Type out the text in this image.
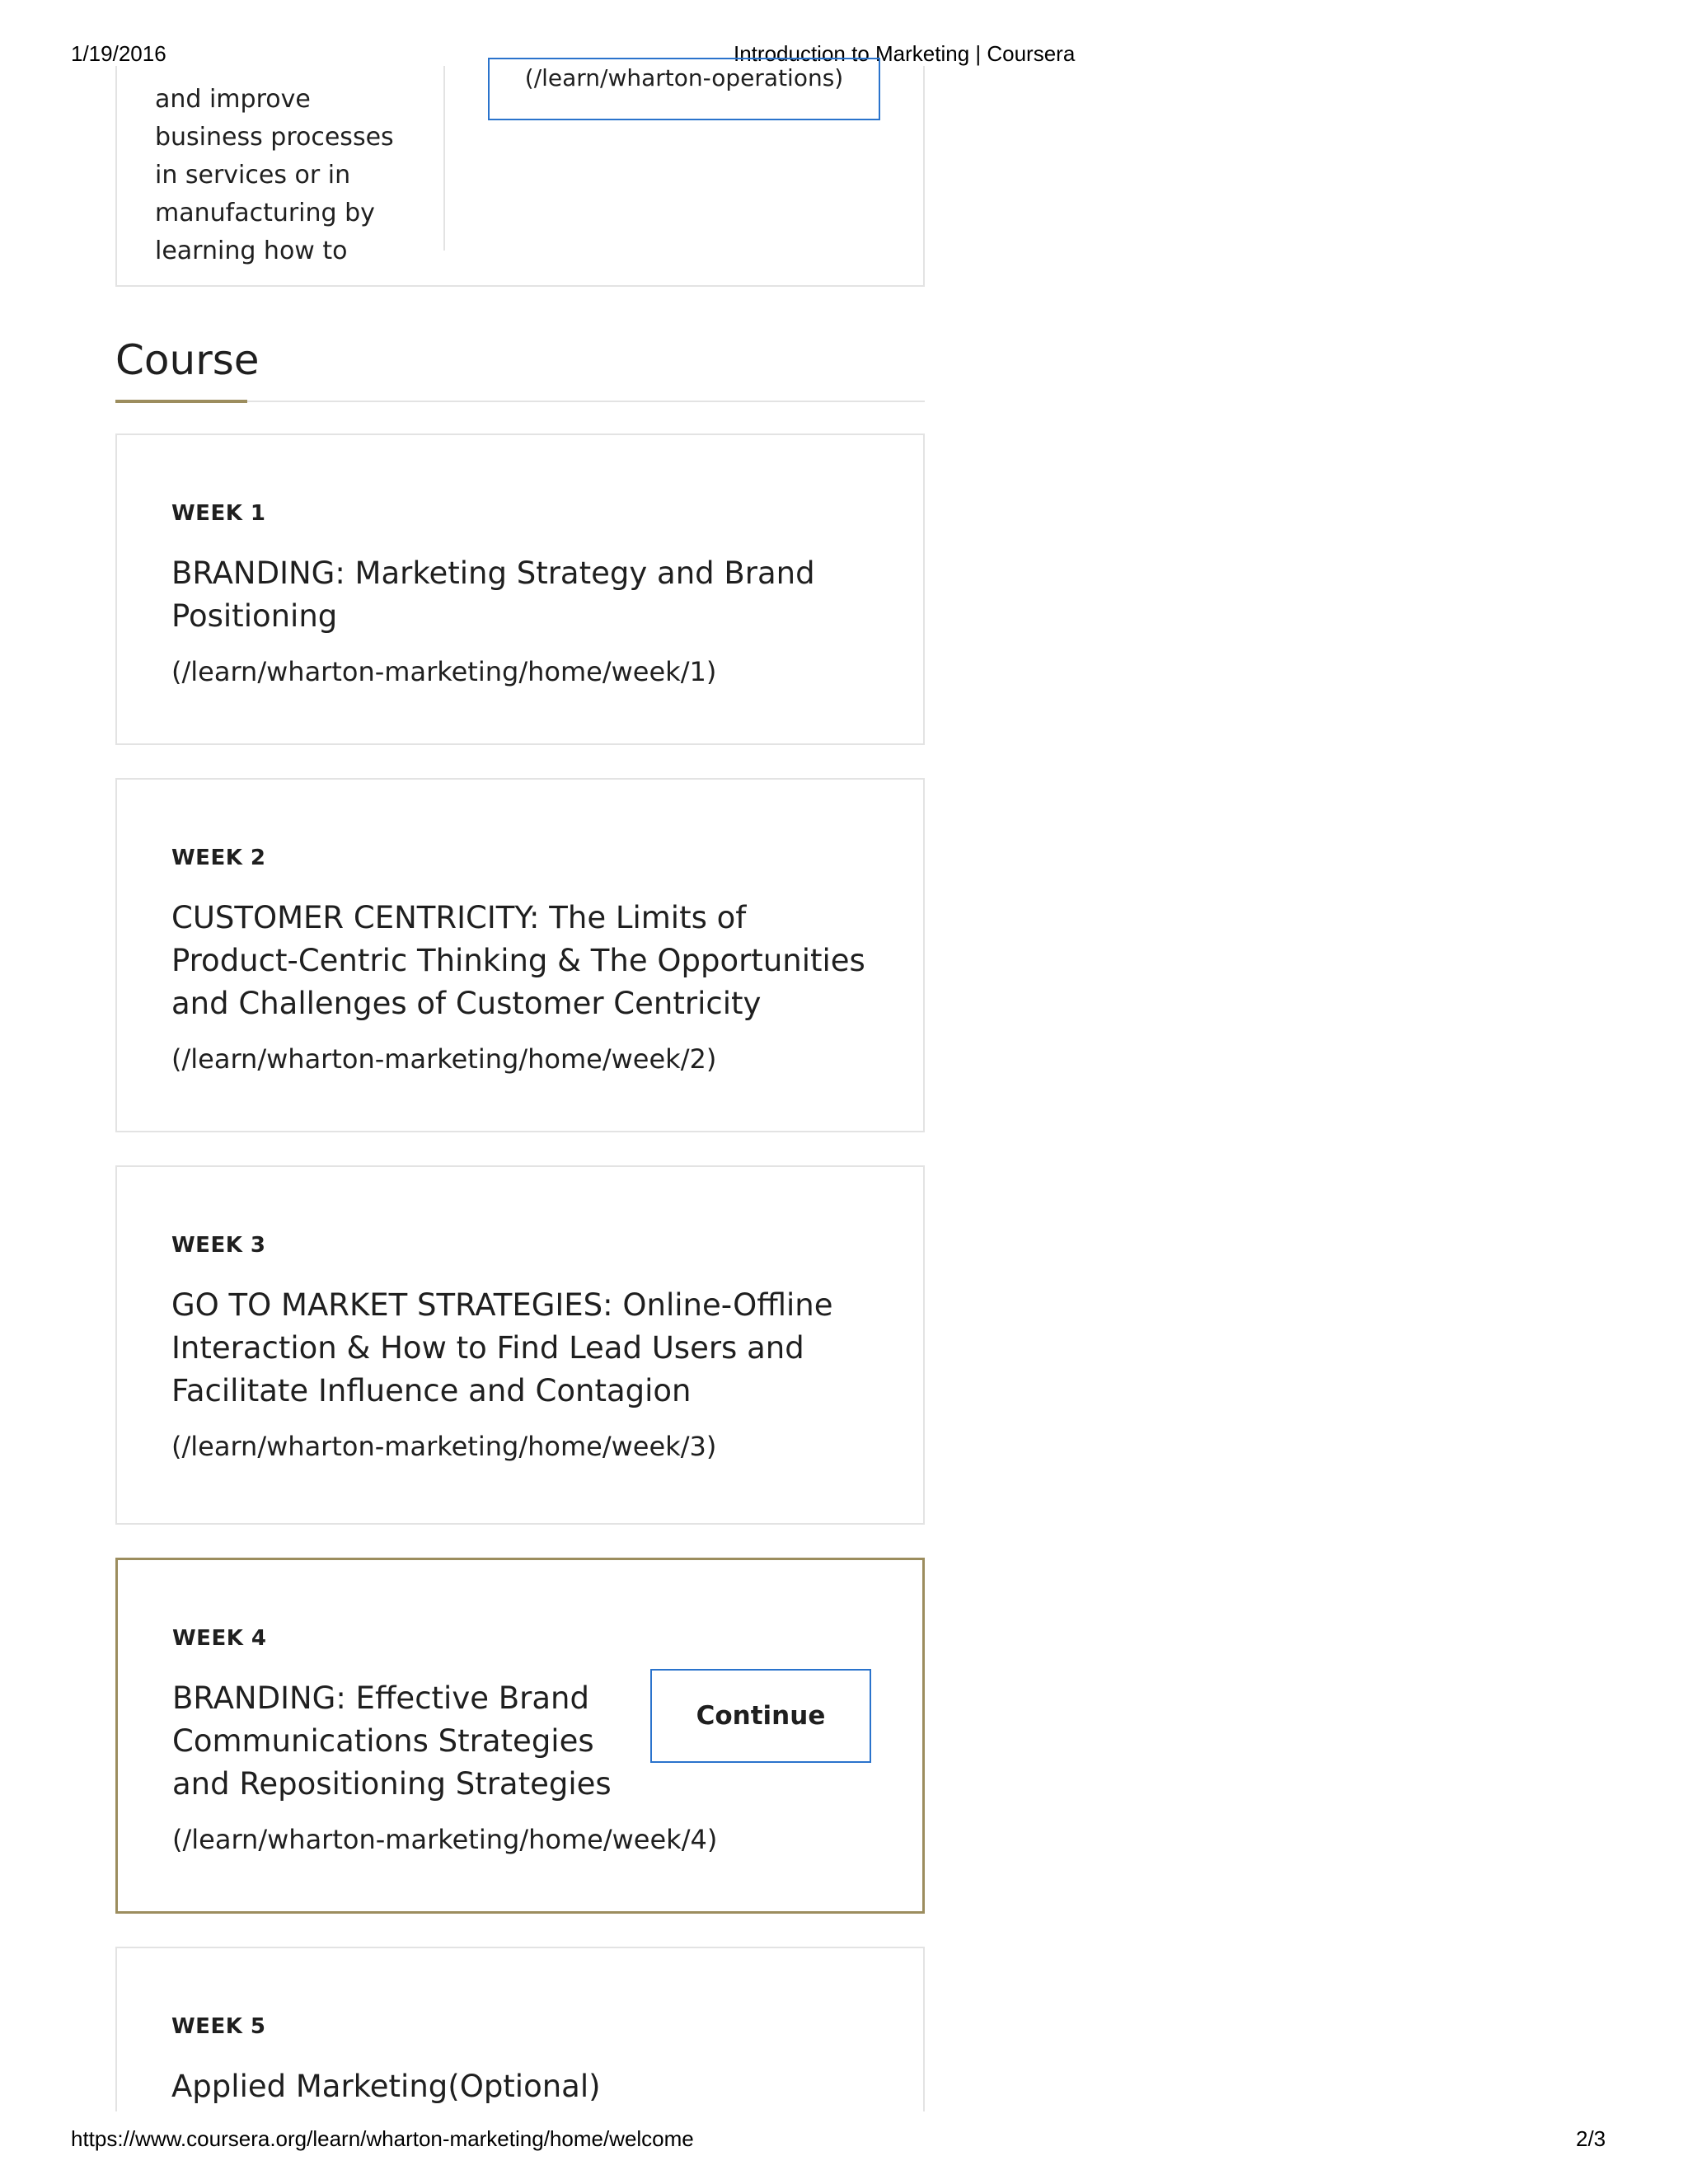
1/19/2016	Introduction to Marketing | Coursera
and improve business processes in services or in manufacturing by learning how to
(/learn/wharton-operations)
Course
WEEK 1
BRANDING: Marketing Strategy and Brand Positioning
(/learn/wharton-marketing/home/week/1)
WEEK 2
CUSTOMER CENTRICITY: The Limits of Product-Centric Thinking & The Opportunities and Challenges of Customer Centricity
(/learn/wharton-marketing/home/week/2)
WEEK 3
GO TO MARKET STRATEGIES: Online-Offline Interaction & How to Find Lead Users and Facilitate Influence and Contagion
(/learn/wharton-marketing/home/week/3)
WEEK 4
BRANDING: Effective Brand Communications Strategies and Repositioning Strategies
(/learn/wharton-marketing/home/week/4)
Continue
WEEK 5
Applied Marketing(Optional)
https://www.coursera.org/learn/wharton-marketing/home/welcome	2/3
